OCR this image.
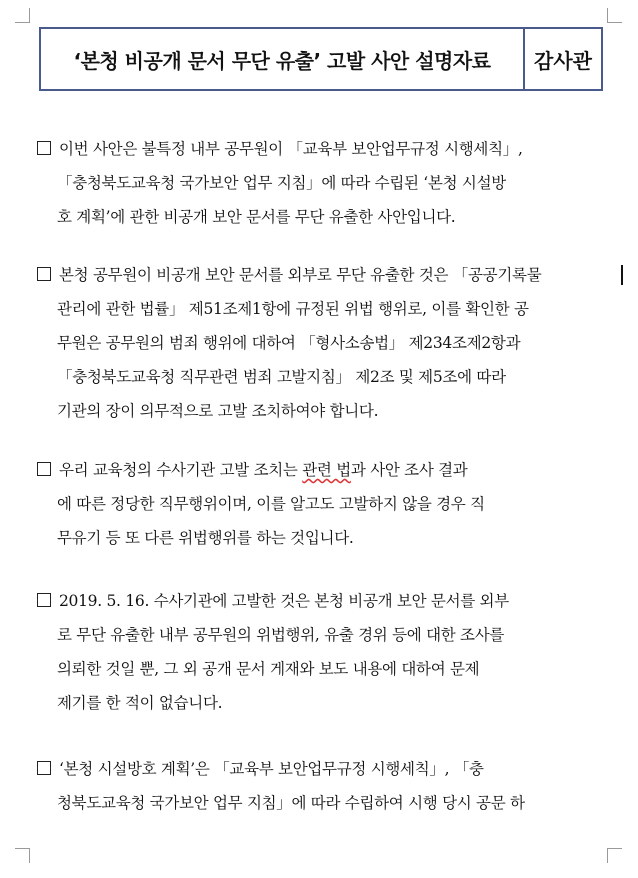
‘본청 비공개 문서 무단 유출’ 고발 사안 설명자료	감사관
이번 사안은 불특정 내부 공무원이 「교육부 보안업무규정 시행세칙」,
「충청북도교육청 국가보안 업무 지침」에 따라 수립된 ‘본청 시설방
호 계획’에 관한 비공개 보안 문서를 무단 유출한 사안입니다.
본청 공무원이 비공개 보안 문서를 외부로 무단 유출한 것은 「공공기록물
관리에 관한 법률」 제51조제1항에 규정된 위법 행위로, 이를 확인한 공
무원은 공무원의 범죄 행위에 대하여 「형사소송법」 제234조제2항과
「충청북도교육청 직무관련 범죄 고발지침」 제2조 및 제5조에 따라
기관의 장이 의무적으로 고발 조치하여야 합니다.
우리 교육청의 수사기관 고발 조치는 관련 법과 사안 조사 결과
에 따른 정당한 직무행위이며, 이를 알고도 고발하지 않을 경우 직
무유기 등 또 다른 위법행위를 하는 것입니다.
2019. 5. 16. 수사기관에 고발한 것은 본청 비공개 보안 문서를 외부
로 무단 유출한 내부 공무원의 위법행위, 유출 경위 등에 대한 조사를
의뢰한 것일 뿐, 그 외 공개 문서 게재와 보도 내용에 대하여 문제
제기를 한 적이 없습니다.
‘본청 시설방호 계획’은 「교육부 보안업무규정 시행세칙」, 「충
청북도교육청 국가보안 업무 지침」에 따라 수립하여 시행 당시 공문 하
